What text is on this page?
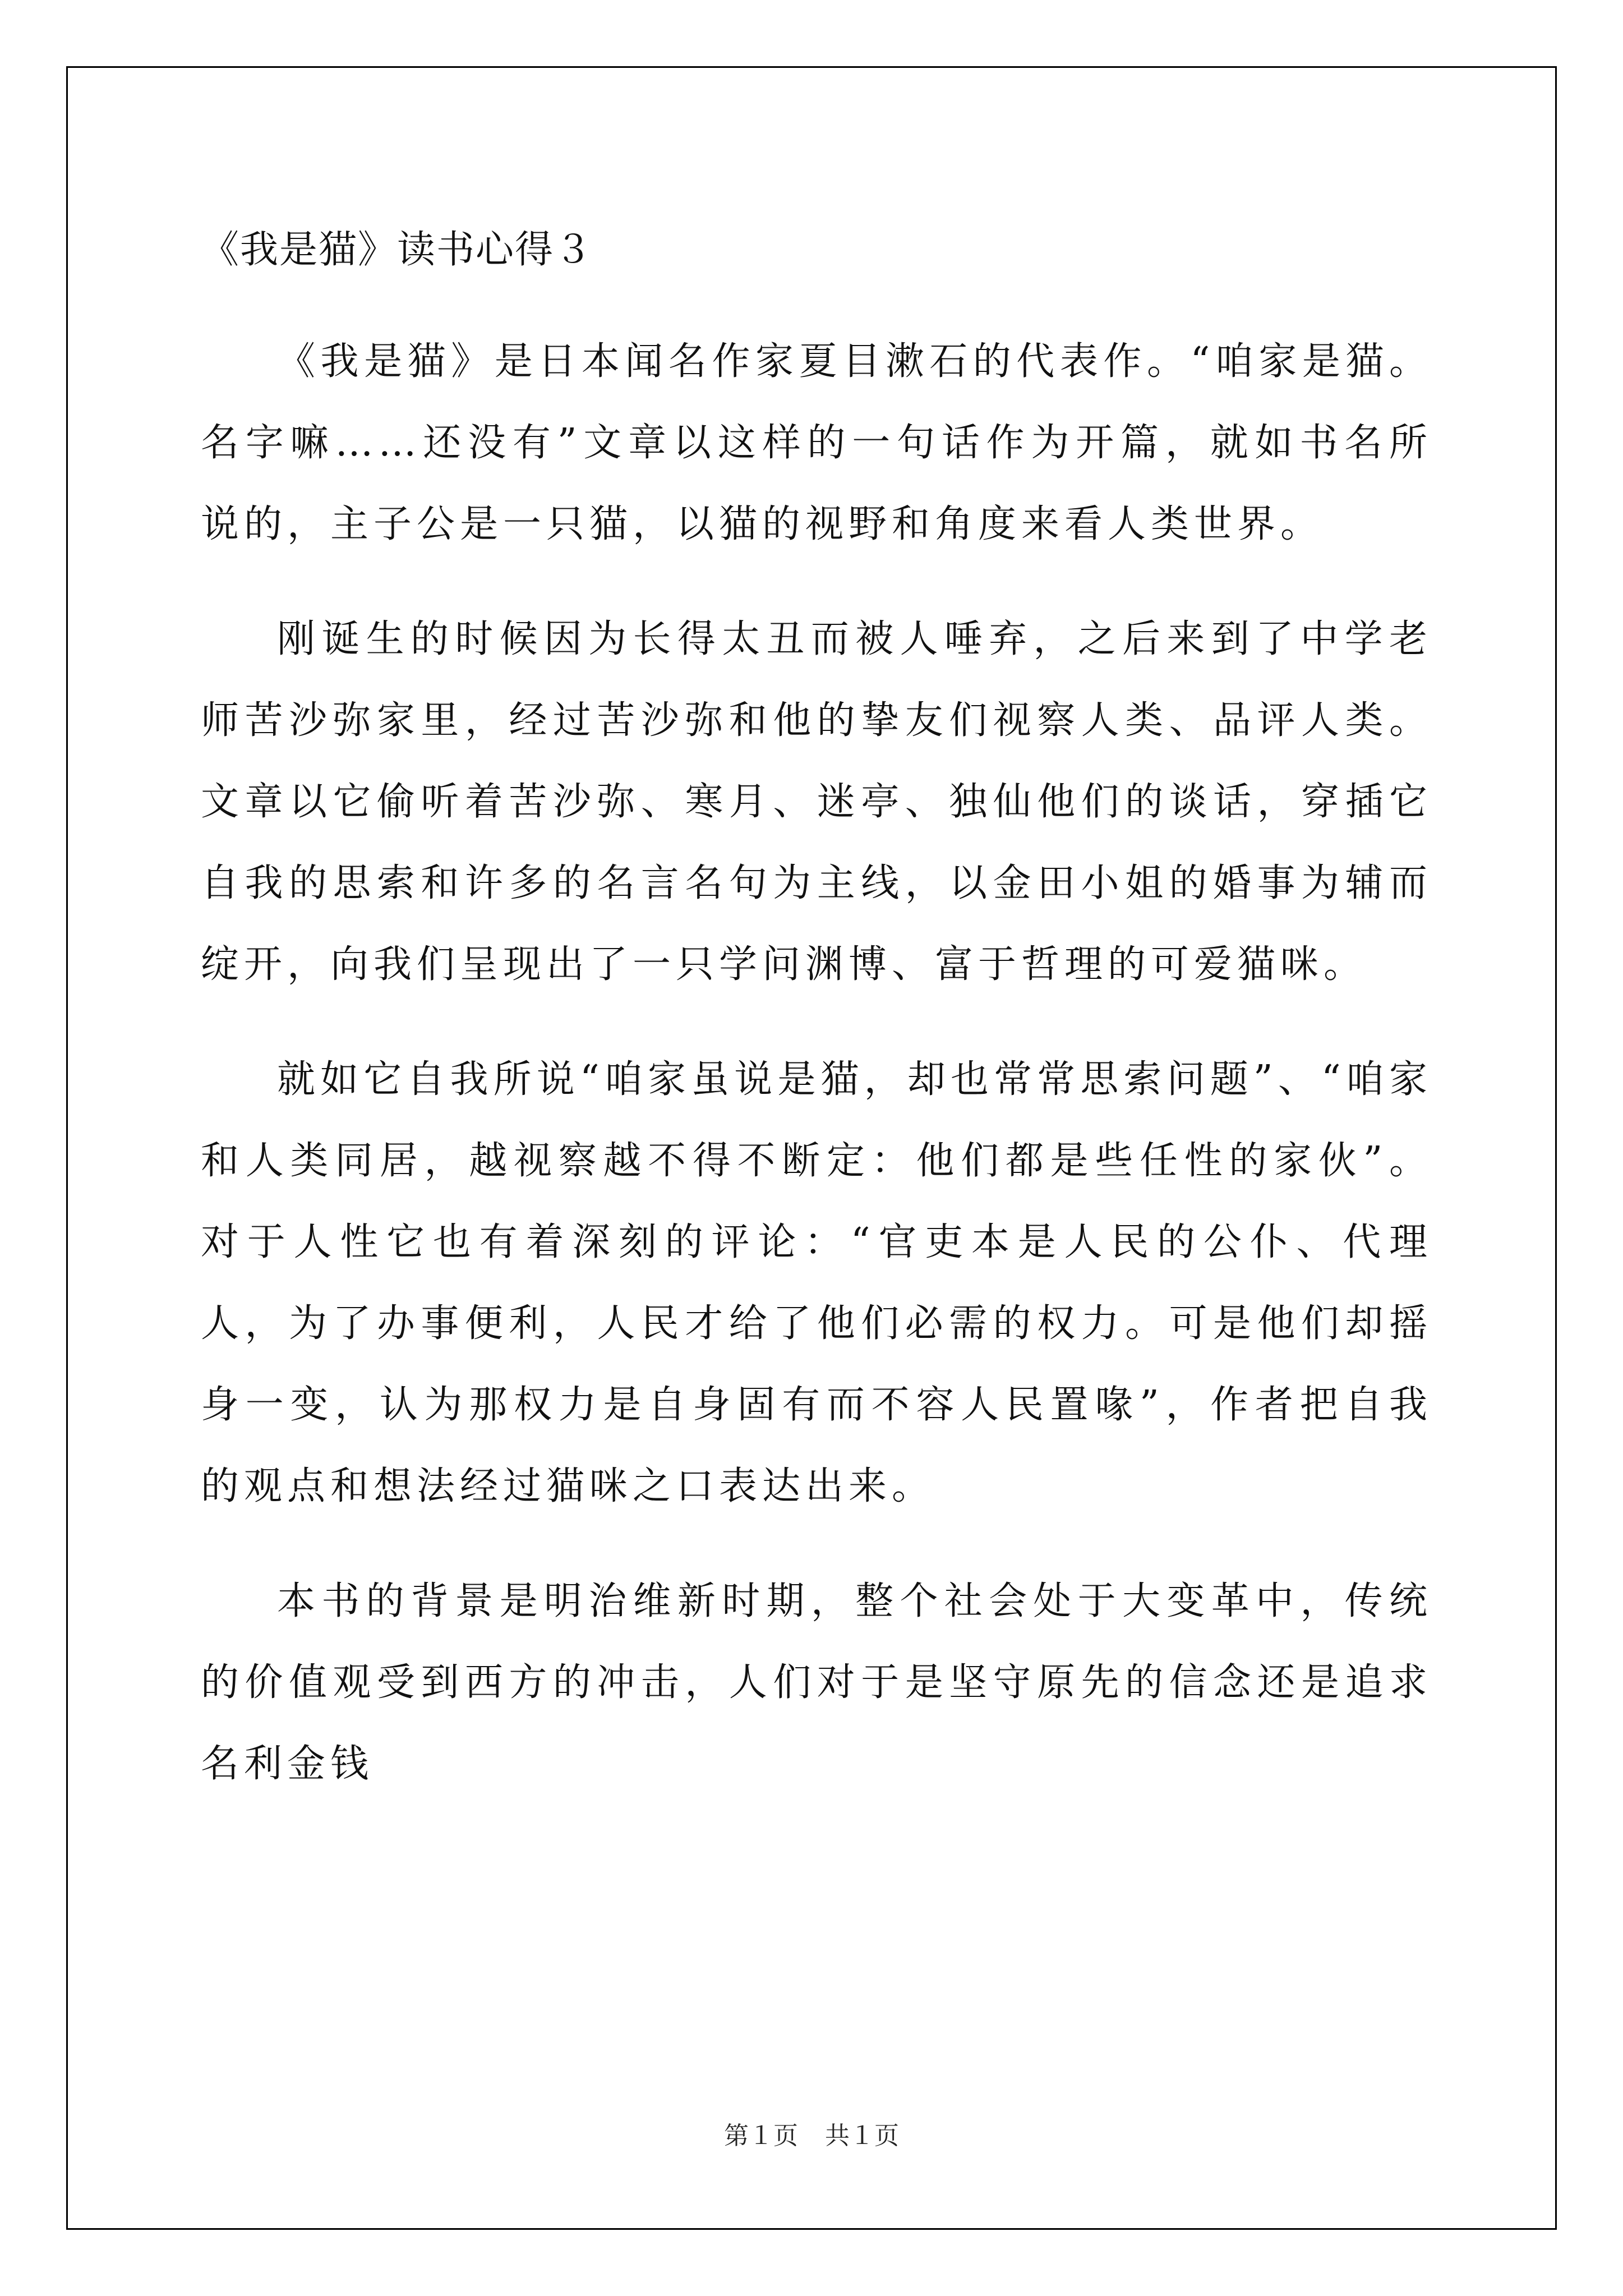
《我是猫》读书心得３

《我是猫》是日本闻名作家夏目漱石的代表作。“咱家是猫。名字嘛……还没有”文章以这样的一句话作为开篇，就如书名所说的，主子公是一只猫，以猫的视野和角度来看人类世界。

刚诞生的时候因为长得太丑而被人唾弃，之后来到了中学老师苦沙弥家里，经过苦沙弥和他的挚友们视察人类、品评人类。文章以它偷听着苦沙弥、寒月、迷亭、独仙他们的谈话，穿插它自我的思索和许多的名言名句为主线，以金田小姐的婚事为辅而绽开，向我们呈现出了一只学问渊博、富于哲理的可爱猫咪。

就如它自我所说“咱家虽说是猫，却也常常思索问题”、“咱家和人类同居，越视察越不得不断定：他们都是些任性的家伙”。对于人性它也有着深刻的评论：“官吏本是人民的公仆、代理人，为了办事便利，人民才给了他们必需的权力。可是他们却摇身一变，认为那权力是自身固有而不容人民置喙”，作者把自我的观点和想法经过猫咪之口表达出来。

本书的背景是明治维新时期，整个社会处于大变革中，传统的价值观受到西方的冲击，人们对于是坚守原先的信念还是追求名利金钱

第１页 共１页
